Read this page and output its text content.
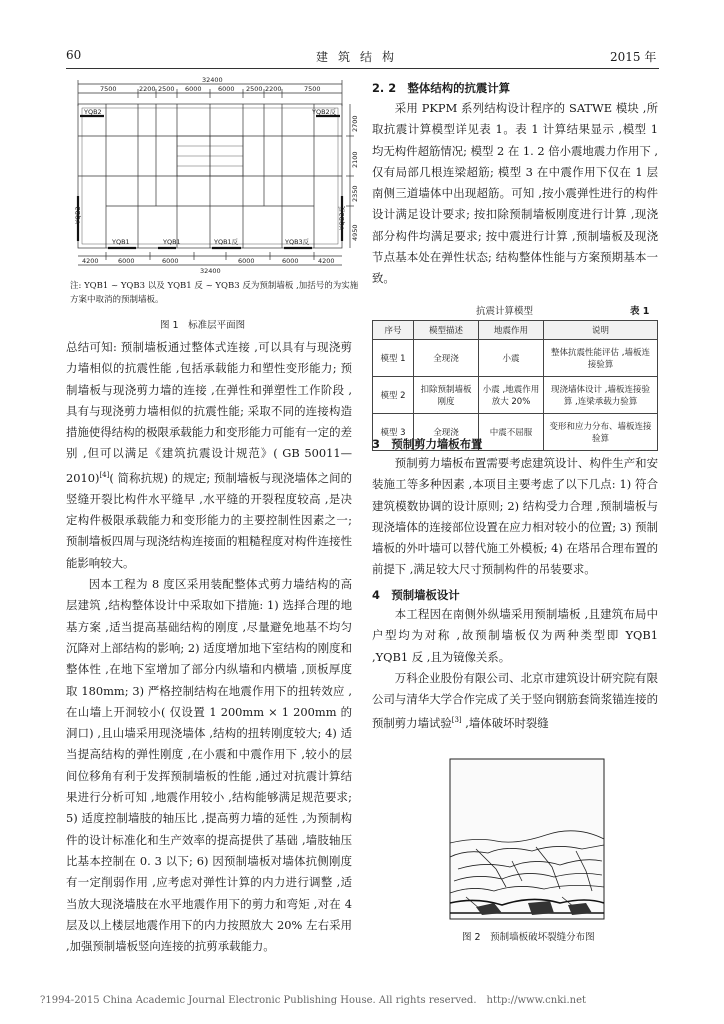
60	建筑结构	2015 年
32400
7500	2200 2500 6000	6000 2500 2200	7500
YQB2
YQB3	YQB3反
YQB1	YQB1	YQB1反	YQB3反
YQB2反
2700
2100
2350
4950
4200	6000	6000	6000	6000	4200
32400
注: YQB1 ~ YQB3 以及 YQB1 反 ~ YQB3 反为预制墙板 ,加括号的为实施方案中取消的预制墙板。
图 1　标准层平面图

总结可知: 预制墙板通过整体式连接 ,可以具有与现浇剪力墙相似的抗震性能 ,包括承载能力和塑性变形能力; 预制墙板与现浇剪力墙的连接 ,在弹性和弹塑性工作阶段 ,具有与现浇剪力墙相似的抗震性能; 采取不同的连接构造措施使得结构的极限承载能力和变形能力可能有一定的差别 ,但可以满足《建筑抗震设计规范》( GB 50011—2010)[4]( 简称抗规) 的规定; 预制墙板与现浇墙体之间的竖缝开裂比构件水平缝早 ,水平缝的开裂程度较高 ,是决定构件极限承载能力和变形能力的主要控制性因素之一; 预制墙板四周与现浇结构连接面的粗糙程度对构件连接性能影响较大。

因本工程为 8 度区采用装配整体式剪力墙结构的高层建筑 ,结构整体设计中采取如下措施: 1) 选择合理的地基方案 ,适当提高基础结构的刚度 ,尽量避免地基不均匀沉降对上部结构的影响; 2) 适度增加地下室结构的刚度和整体性 ,在地下室增加了部分内纵墙和内横墙 ,顶板厚度取 180mm; 3) 严格控制结构在地震作用下的扭转效应 ,在山墙上开洞较小( 仅设置 1 200mm × 1 200mm 的洞口) ,且山墙采用现浇墙体 ,结构的扭转刚度较大; 4) 适当提高结构的弹性刚度 ,在小震和中震作用下 ,较小的层间位移角有利于发挥预制墙板的性能 ,通过对抗震计算结果进行分析可知 ,地震作用较小 ,结构能够满足规范要求; 5) 适度控制墙肢的轴压比 ,提高剪力墙的延性 ,为预制构件的设计标准化和生产效率的提高提供了基础 ,墙肢轴压比基本控制在 0. 3 以下; 6) 因预制墙板对墙体抗侧刚度有一定削弱作用 ,应考虑对弹性计算的内力进行调整 ,适当放大现浇墙肢在水平地震作用下的剪力和弯矩 ,对在 4 层及以上楼层地震作用下的内力按照放大 20% 左右采用 ,加强预制墙板竖向连接的抗剪承载能力。

2. 2　整体结构的抗震计算

采用 PKPM 系列结构设计程序的 SATWE 模块 ,所取抗震计算模型详见表 1。表 1 计算结果显示 ,模型 1 均无构件超筋情况; 模型 2 在 1. 2 倍小震地震力作用下 ,仅有局部几根连梁超筋; 模型 3 在中震作用下仅在 1 层南侧三道墙体中出现超筋。可知 ,按小震弹性进行的构件设计满足设计要求; 按扣除预制墙板刚度进行计算 ,现浇部分构件均满足要求; 按中震进行计算 ,预制墙板及现浇节点基本处在弹性状态; 结构整体性能与方案预期基本一致。

抗震计算模型	表 1
序号	模型描述	地震作用	说明
模型 1	全现浇	小震	整体抗震性能评估 ,墙板连接验算
模型 2	扣除预制墙板刚度	小震 ,地震作用放大 20%	现浇墙体设计 ,墙板连接验算 ,连梁承载力验算
模型 3	全现浇	中震不屈服	变形和应力分布、墙板连接验算
3　预制剪力墙板布置

预制剪力墙板布置需要考虑建筑设计、构件生产和安装施工等多种因素 ,本项目主要考虑了以下几点: 1) 符合建筑模数协调的设计原则; 2) 结构受力合理 ,预制墙板与现浇墙体的连接部位设置在应力相对较小的位置; 3) 预制墙板的外叶墙可以替代施工外模板; 4) 在塔吊合理布置的前提下 ,满足较大尺寸预制构件的吊装要求。

4　预制墙板设计

本工程因在南侧外纵墙采用预制墙板 ,且建筑布局中户型均为对称 ,故预制墙板仅为两种类型即 YQB1 ,YQB1 反 ,且为镜像关系。

万科企业股份有限公司、北京市建筑设计研究院有限公司与清华大学合作完成了关于竖向钢筋套筒浆锚连接的预制剪力墙试验[3] ,墙体破坏时裂缝

图 2　预制墙板破坏裂缝分布图
?1994-2015 China Academic Journal Electronic Publishing House. All rights reserved.　http://www.cnki.net
